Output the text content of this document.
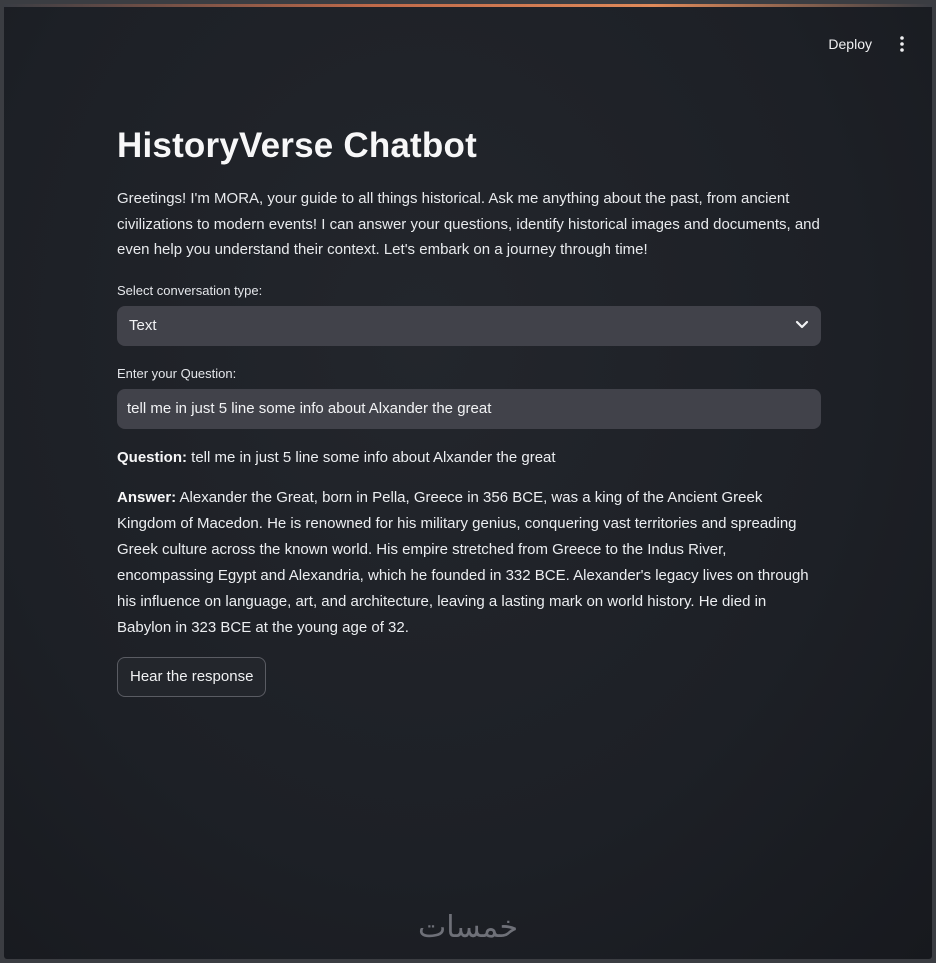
Deploy
HistoryVerse Chatbot
Greetings! I'm MORA, your guide to all things historical. Ask me anything about the past, from ancient civilizations to modern events! I can answer your questions, identify historical images and documents, and even help you understand their context. Let's embark on a journey through time!
Select conversation type:
Text
Enter your Question:
tell me in just 5 line some info about Alxander the great
Question: tell me in just 5 line some info about Alxander the great
Answer: Alexander the Great, born in Pella, Greece in 356 BCE, was a king of the Ancient Greek Kingdom of Macedon. He is renowned for his military genius, conquering vast territories and spreading Greek culture across the known world. His empire stretched from Greece to the Indus River, encompassing Egypt and Alexandria, which he founded in 332 BCE. Alexander's legacy lives on through his influence on language, art, and architecture, leaving a lasting mark on world history. He died in Babylon in 323 BCE at the young age of 32.
Hear the response
خمسات
